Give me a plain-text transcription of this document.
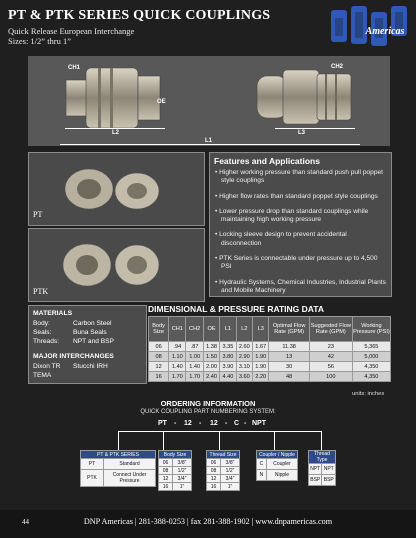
PT & PTK SERIES QUICK COUPLINGS
Quick Release European Interchange
Sizes: 1/2” thru 1”
Americas
CH1
OE
L2
CH2
L3
L1
PT
PTK
Features and Applications
• Higher working pressure than standard push pull poppet style couplings
• Higher flow rates than standard poppet style couplings
• Lower pressure drop than standard couplings while maintaining high working pressure
• Locking sleeve design to prevent accidental disconnection
• PTK Series is connectable under pressure up to 4,500 PSI
• Hydraulic Systems, Chemical Industries, Industrial Plants and Mobile Machinery
MATERIALS
Body:	Carbon Steel
Seals:	Buna Seals
Threads: NPT and BSP
MAJOR INTERCHANGES
Dixon TR Stucchi IRH
TEMA
DIMENSIONAL & PRESSURE RATING DATA
Body Size	CH1	CH2	OE	L1	L2	L3	Optimal Flow Rate (GPM)	Suggested Flow Rate (GPM)	Working Pressure (PSI)
06	.94	.87	1.38	3.35	2.60	1.67	11.38	23	5,365
08	1.10	1.00	1.50	3.80	2.90	1.90	13	42	5,000
12	1.40	1.40	2.00	3.90	3.10	1.90	30	56	4,350
16	1.70	1.70	2.40	4.40	3.60	2.20	48	100	4,350
units: inches
ORDERING INFORMATION
QUICK COUPLING PART NUMBERING SYSTEM:
PT - 12 - 12 - C - NPT
PT & PTK SERIES	
PT	Standard
PTK	Connect Under Pressure
Body Size	
06	3/8”
08	1/2”
12	3/4”
16	1”
Thread Size	
06	3/8”
08	1/2”
12	3/4”
16	1”
Coupler / Nipple	
C	Coupler
N	Nipple
Thread Type	
NPT	NPT
BSP	BSP
44	DNP Americas | 281-388-0253 | fax 281-388-1902 | www.dnpamericas.com
